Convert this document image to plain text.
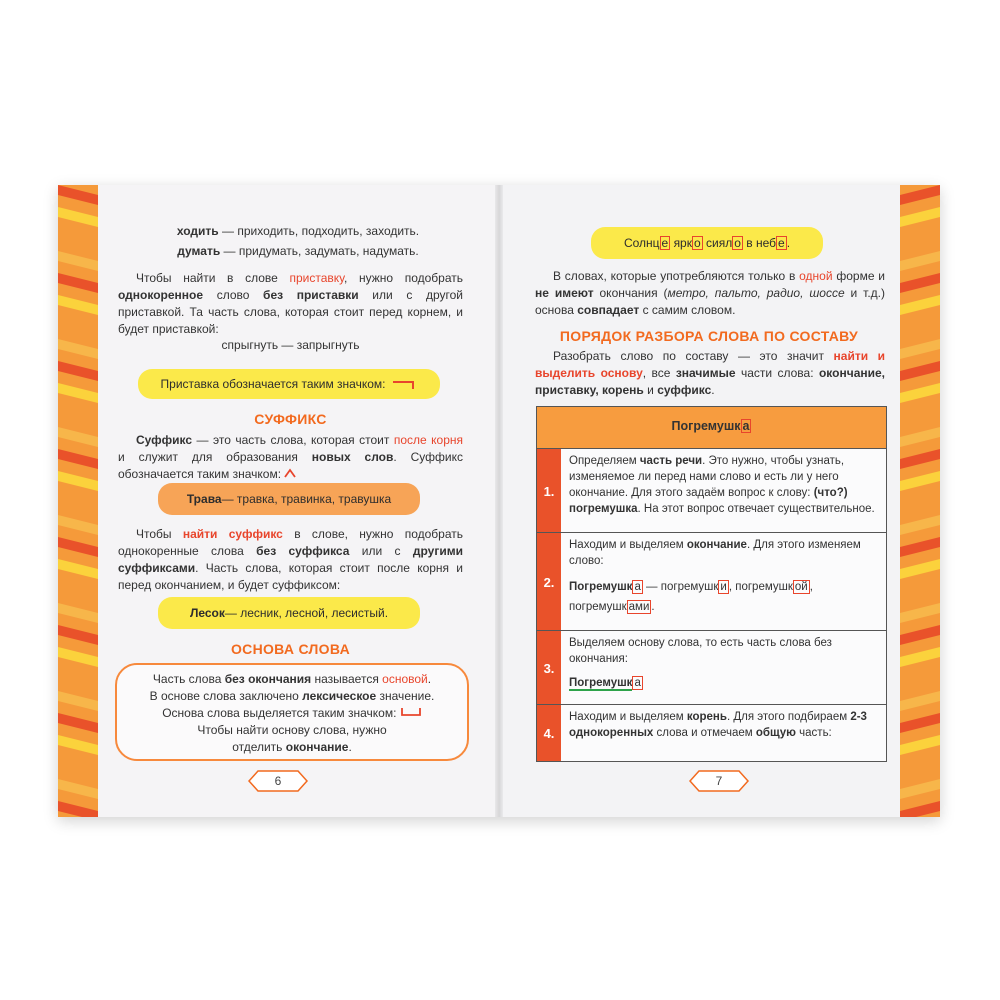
ходить — приходить, подходить, заходить.
думать — придумать, задумать, надумать.
Чтобы найти в слове приставку, нужно подобрать однокоренное слово без приставки или с другой приставкой. Та часть слова, которая стоит перед корнем, и будет приставкой:
спрыгнуть — запрыгнуть
Приставка обозначается таким значком:
СУФФИКС
Суффикс — это часть слова, которая стоит после корня и служит для образования новых слов. Суффикс обозначается таким значком:
Трава — травка, травинка, травушка
Чтобы найти суффикс в слове, нужно подобрать однокоренные слова без суффикса или с другими суффиксами. Часть слова, которая стоит после корня и перед окончанием, и будет суффиксом:
Лесок — лесник, лесной, лесистый.
ОСНОВА СЛОВА
Часть слова без окончания называется основой.
В основе слова заключено лексическое значение.
Основа слова выделяется таким значком:
Чтобы найти основу слова, нужно
отделить окончание.
6
Солнц е
ярк о
сиял о
в
неб е .
В словах, которые употребляются только в одной форме и не имеют окончания (метро, пальто, радио, шоссе и т.д.) основа совпадает с самим словом.
ПОРЯДОК РАЗБОРА СЛОВА ПО СОСТАВУ
Разобрать слово по составу — это значит найти и выделить основу, все значимые части слова: окончание, приставку, корень и суффикс.
Погремушк а
1.
Определяем часть речи. Это нужно, чтобы узнать, изменяемое ли перед нами слово и есть ли у него окончание. Для этого задаём вопрос к слову: (что?) погремушка. На этот вопрос отвечает существительное.
2.
Находим и выделяем окончание. Для этого изменяем слово:
Погремушк а — погремушк и , погремушк ой ,
погремушк ами .
3.
Выделяем основу слова, то есть часть слова без окончания:
Погремушк а
4.
Находим и выделяем корень. Для этого подбираем 2-3 однокоренных слова и отмечаем общую часть:
7
